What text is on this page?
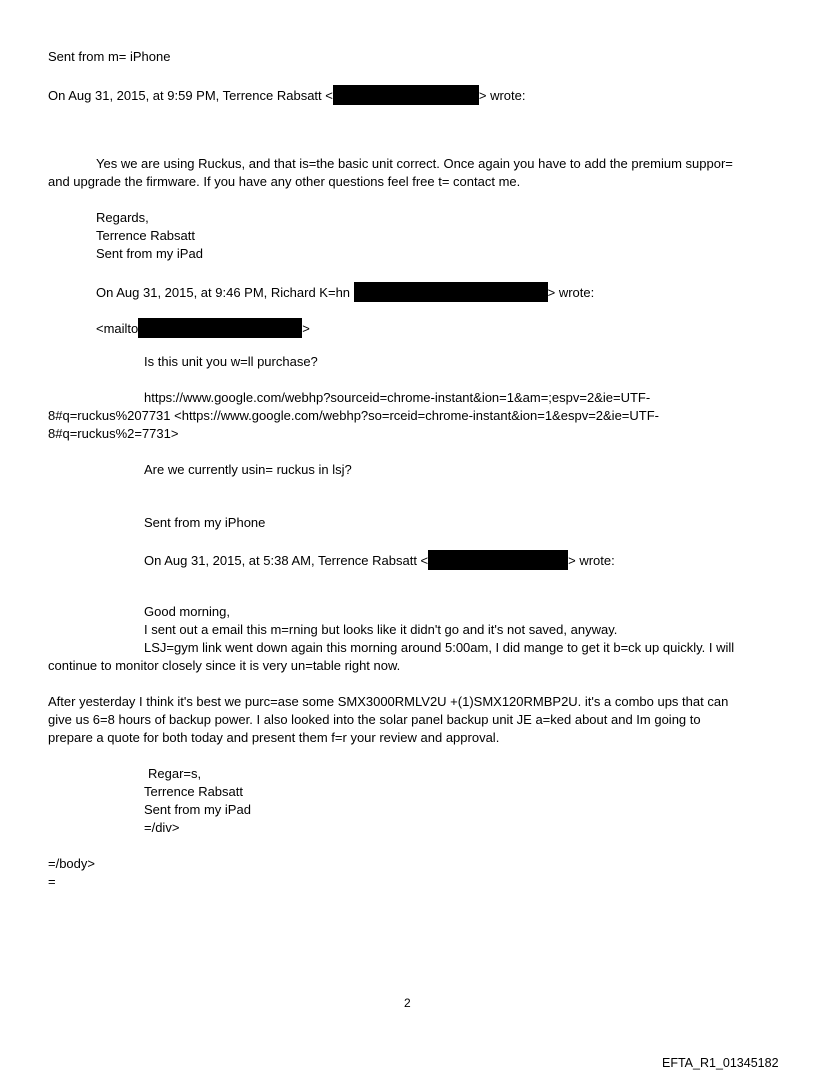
Sent from m= iPhone
On Aug 31, 2015, at 9:59 PM, Terrence Rabsatt <	> wrote:
Yes we are using Ruckus, and that is=the basic unit correct. Once again you have to add the premium suppor=
and upgrade the firmware. If you have any other questions feel free t= contact me.
Regards,
Terrence Rabsatt
Sent from my iPad
On Aug 31, 2015, at 9:46 PM, Richard K=hn	> wrote:
<mailto	>
Is this unit you w=ll purchase?
https://www.google.com/webhp?sourceid=chrome-instant&ion=1&am=;espv=2&ie=UTF-
8#q=ruckus%207731 <https://www.google.com/webhp?so=rceid=chrome-instant&ion=1&espv=2&ie=UTF-
8#q=ruckus%2=7731>
Are we currently usin= ruckus in lsj?
Sent from my iPhone
On Aug 31, 2015, at 5:38 AM, Terrence Rabsatt <	> wrote:
Good morning,
I sent out a email this m=rning but looks like it didn't go and it's not saved, anyway.
LSJ=gym link went down again this morning around 5:00am, I did mange to get it b=ck up quickly. I will
continue to monitor closely since it is very un=table right now.
After yesterday I think it's best we purc=ase some SMX3000RMLV2U +(1)SMX120RMBP2U. it's a combo ups that can
give us 6=8 hours of backup power. I also looked into the solar panel backup unit JE a=ked about and Im going to
prepare a quote for both today and present them f=r your review and approval.
Regar=s,
Terrence Rabsatt
Sent from my iPad
=/div>
=/body>
=
2
EFTA_R1_01345182
